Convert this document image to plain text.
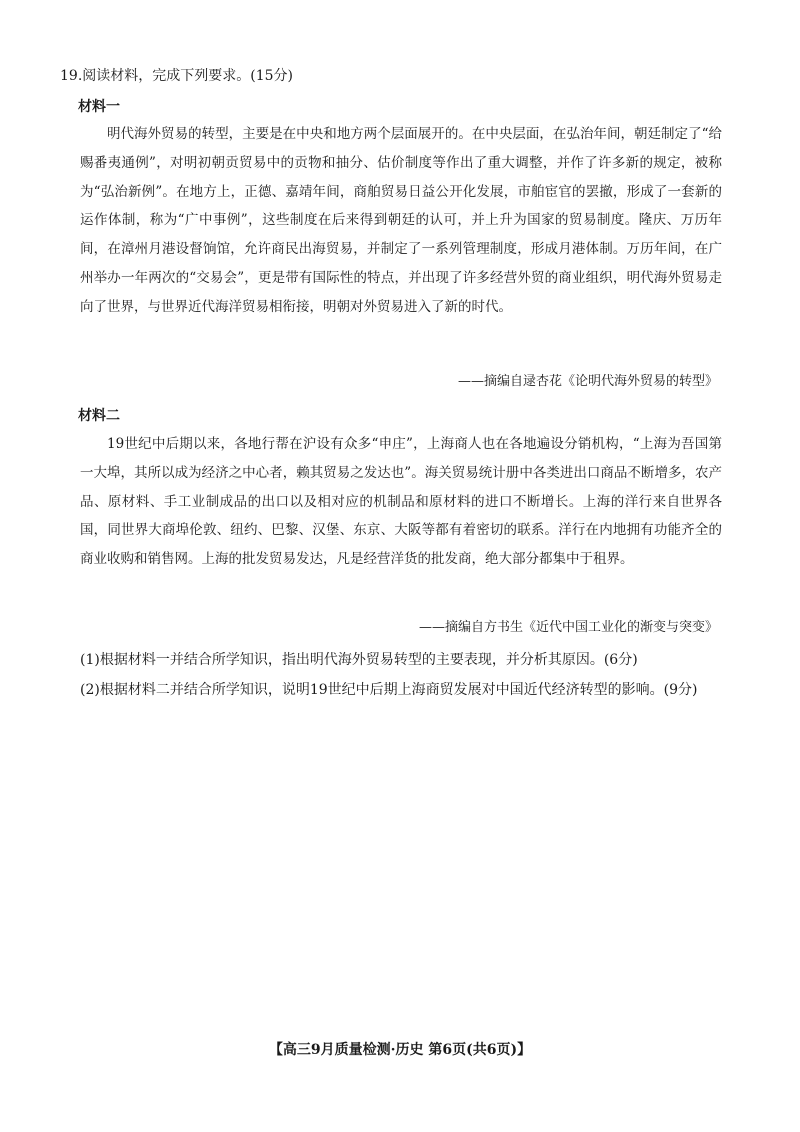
19.阅读材料，完成下列要求。(15分)
材料一
明代海外贸易的转型，主要是在中央和地方两个层面展开的。在中央层面，在弘治年间，朝廷制定了“给赐番夷通例”，对明初朝贡贸易中的贡物和抽分、估价制度等作出了重大调整，并作了许多新的规定，被称为“弘治新例”。在地方上，正德、嘉靖年间，商舶贸易日益公开化发展，市舶宦官的罢撤，形成了一套新的运作体制，称为“广中事例”，这些制度在后来得到朝廷的认可，并上升为国家的贸易制度。隆庆、万历年间，在漳州月港设督饷馆，允许商民出海贸易，并制定了一系列管理制度，形成月港体制。万历年间，在广州举办一年两次的“交易会”，更是带有国际性的特点，并出现了许多经营外贸的商业组织，明代海外贸易走向了世界，与世界近代海洋贸易相衔接，明朝对外贸易进入了新的时代。
——摘编自逯杏花《论明代海外贸易的转型》
材料二
19世纪中后期以来，各地行帮在沪设有众多“申庄”，上海商人也在各地遍设分销机构，“上海为吾国第一大埠，其所以成为经济之中心者，赖其贸易之发达也”。海关贸易统计册中各类进出口商品不断增多，农产品、原材料、手工业制成品的出口以及相对应的机制品和原材料的进口不断增长。上海的洋行来自世界各国，同世界大商埠伦敦、纽约、巴黎、汉堡、东京、大阪等都有着密切的联系。洋行在内地拥有功能齐全的商业收购和销售网。上海的批发贸易发达，凡是经营洋货的批发商，绝大部分都集中于租界。
——摘编自方书生《近代中国工业化的渐变与突变》
(1)根据材料一并结合所学知识，指出明代海外贸易转型的主要表现，并分析其原因。(6分)
(2)根据材料二并结合所学知识，说明19世纪中后期上海商贸发展对中国近代经济转型的影响。(9分)
【高三9月质量检测·历史 第6页(共6页)】
